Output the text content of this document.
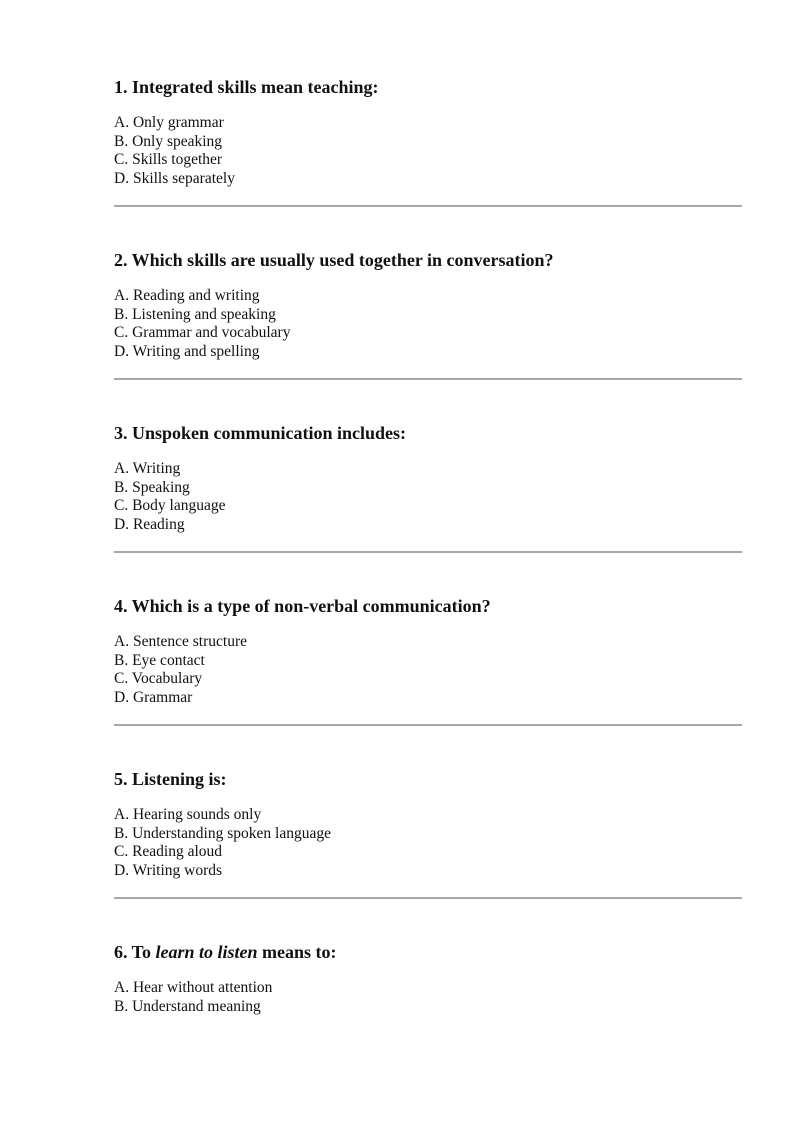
1. Integrated skills mean teaching:
A. Only grammar
B. Only speaking
C. Skills together
D. Skills separately
2. Which skills are usually used together in conversation?
A. Reading and writing
B. Listening and speaking
C. Grammar and vocabulary
D. Writing and spelling
3. Unspoken communication includes:
A. Writing
B. Speaking
C. Body language
D. Reading
4. Which is a type of non-verbal communication?
A. Sentence structure
B. Eye contact
C. Vocabulary
D. Grammar
5. Listening is:
A. Hearing sounds only
B. Understanding spoken language
C. Reading aloud
D. Writing words
6. To learn to listen means to:
A. Hear without attention
B. Understand meaning
